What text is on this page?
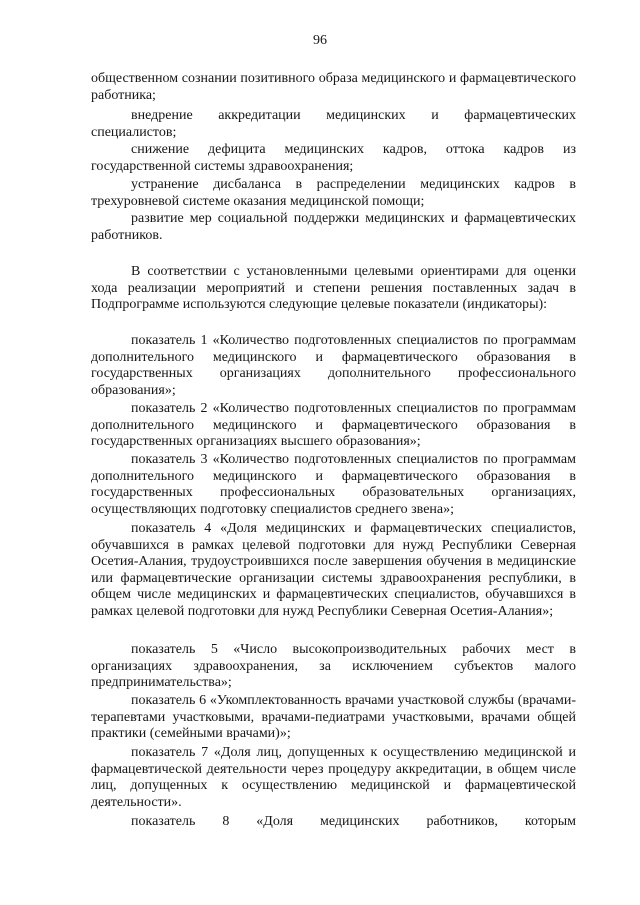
96

общественном сознании позитивного образа медицинского и фармацевтического работника;

внедрение аккредитации медицинских и фармацевтических специалистов;

снижение дефицита медицинских кадров, оттока кадров из государственной системы здравоохранения;

устранение дисбаланса в распределении медицинских кадров в трехуровневой системе оказания медицинской помощи;

развитие мер социальной поддержки медицинских и фармацевтических работников.

В соответствии с установленными целевыми ориентирами для оценки хода реализации мероприятий и степени решения поставленных задач в Подпрограмме используются следующие целевые показатели (индикаторы):

показатель 1 «Количество подготовленных специалистов по программам дополнительного медицинского и фармацевтического образования в государственных организациях дополнительного профессионального образования»;

показатель 2 «Количество подготовленных специалистов по программам дополнительного медицинского и фармацевтического образования в государственных организациях высшего образования»;

показатель 3 «Количество подготовленных специалистов по программам дополнительного медицинского и фармацевтического образования в государственных профессиональных образовательных организациях, осуществляющих подготовку специалистов среднего звена»;

показатель 4 «Доля медицинских и фармацевтических специалистов, обучавшихся в рамках целевой подготовки для нужд Республики Северная Осетия-Алания, трудоустроившихся после завершения обучения в медицинские или фармацевтические организации системы здравоохранения республики, в общем числе медицинских и фармацевтических специалистов, обучавшихся в рамках целевой подготовки для нужд Республики Северная Осетия-Алания»;

показатель 5 «Число высокопроизводительных рабочих мест в организациях здравоохранения, за исключением субъектов малого предпринимательства»;

показатель 6 «Укомплектованность врачами участковой службы (врачами-терапевтами участковыми, врачами-педиатрами участковыми, врачами общей практики (семейными врачами)»;

показатель 7 «Доля лиц, допущенных к осуществлению медицинской и фармацевтической деятельности через процедуру аккредитации, в общем числе лиц, допущенных к осуществлению медицинской и фармацевтической деятельности».

показатель 8 «Доля медицинских работников, которым
